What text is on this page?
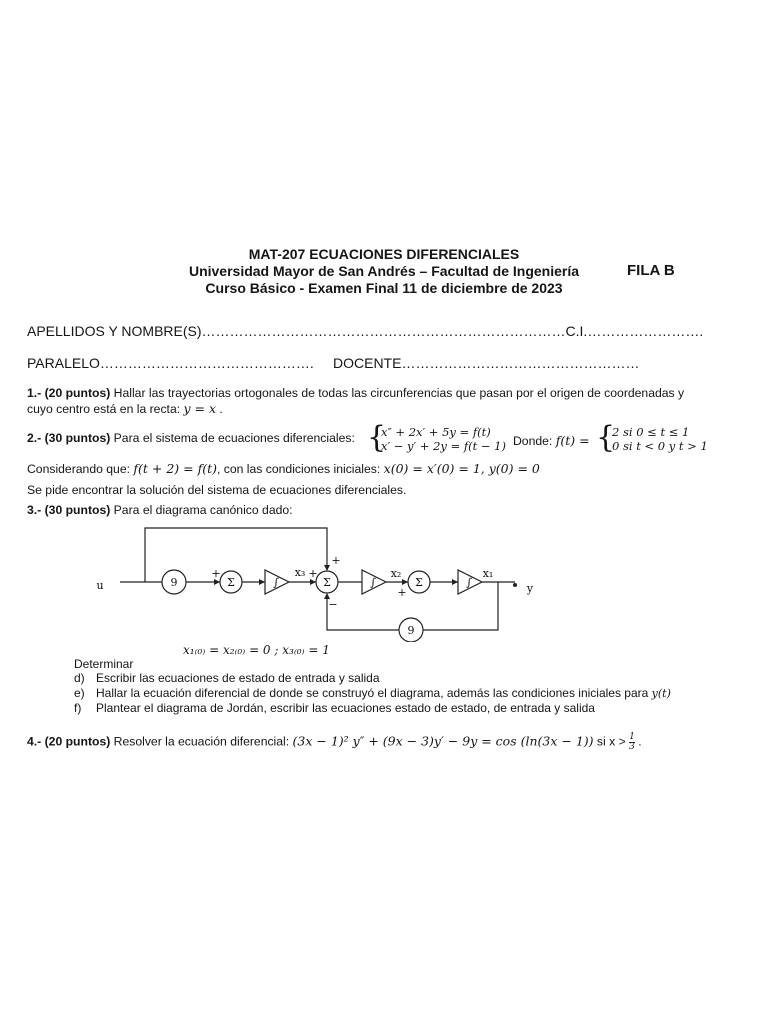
MAT-207 ECUACIONES DIFERENCIALES
Universidad Mayor de San Andrés – Facultad de Ingeniería
Curso Básico - Examen Final 11 de diciembre de 2023
FILA B
APELLIDOS Y NOMBRE(S)……………………………………………………………………C.I.…………………….
PARALELO………………………………………. DOCENTE……………………………………………
1.- (20 puntos) Hallar las trayectorias ortogonales de todas las circunferencias que pasan por el origen de coordenadas y
cuyo centro está en la recta: y = x .
2.- (30 puntos) Para el sistema de ecuaciones diferenciales: {
x″ + 2x′ + 5y = f(t)
x′ − y′ + 2y = f(t − 1) Donde: f(t) = {
2 si 0 ≤ t ≤ 1
0 si t < 0 y t > 1
Considerando que: f(t + 2) = f(t), con las condiciones iniciales: x(0) = x′(0) = 1, y(0) = 0
Se pide encontrar la solución del sistema de ecuaciones diferenciales.
3.- (30 puntos) Para el diagrama canónico dado:
u	y
9
9
Σ	Σ	Σ
∫	∫	∫
x₃	x₂	x₁
+	+
+
−
+
x₁₍₀₎ = x₂₍₀₎ = 0 ; x₃₍₀₎ = 1
Determinar
d) Escribir las ecuaciones de estado de entrada y salida
e) Hallar la ecuación diferencial de donde se construyó el diagrama, además las condiciones iniciales para y(t)
f) Plantear el diagrama de Jordán, escribir las ecuaciones estado de estado, de entrada y salida
4.- (20 puntos) Resolver la ecuación diferencial: (3x − 1)² y″ + (9x − 3)y′ − 9y = cos (ln(3x − 1)) si $x > \frac{1}{3}$ .
